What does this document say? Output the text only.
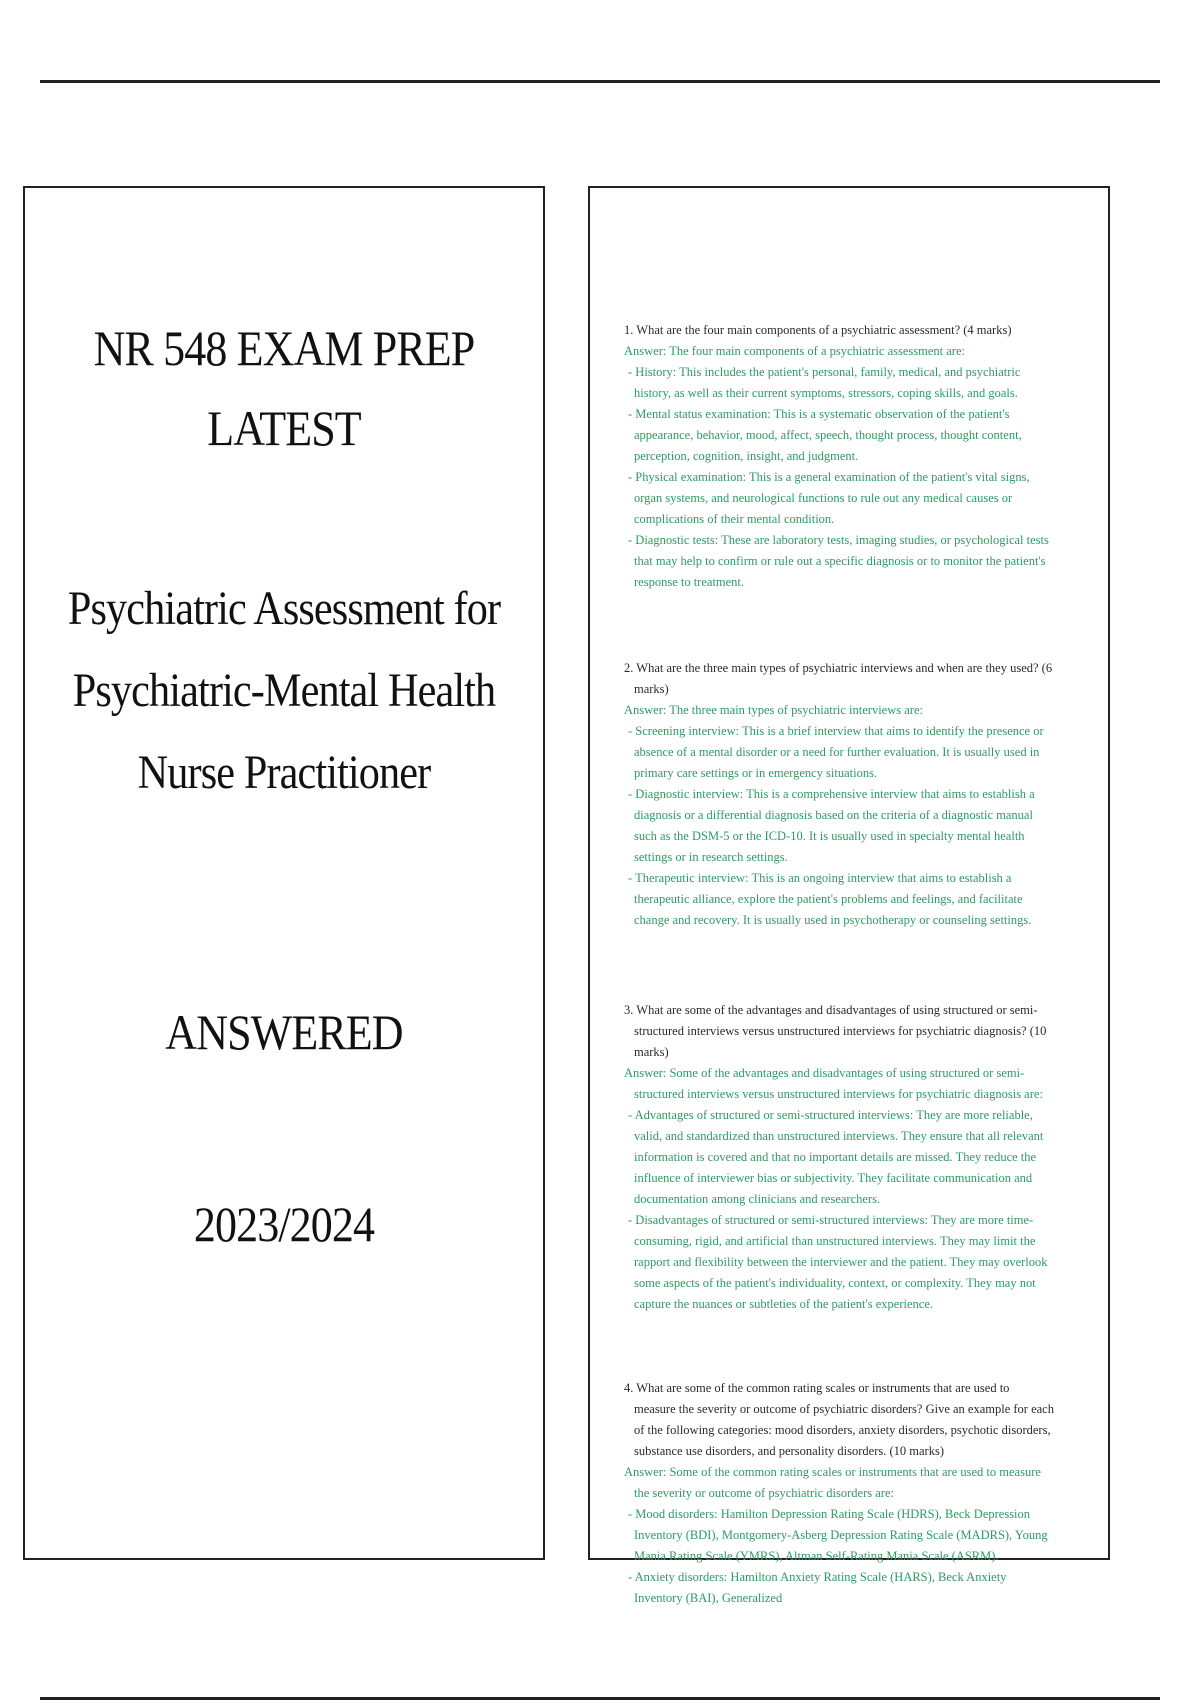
NR 548 EXAM PREP
LATEST
Psychiatric Assessment for
Psychiatric-Mental Health
Nurse Practitioner
ANSWERED
2023/2024
1. What are the four main components of a psychiatric assessment? (4 marks)
Answer: The four main components of a psychiatric assessment are:
- History: This includes the patient's personal, family, medical, and psychiatric history, as well as their current symptoms, stressors, coping skills, and goals.
- Mental status examination: This is a systematic observation of the patient's appearance, behavior, mood, affect, speech, thought process, thought content, perception, cognition, insight, and judgment.
- Physical examination: This is a general examination of the patient's vital signs, organ systems, and neurological functions to rule out any medical causes or complications of their mental condition.
- Diagnostic tests: These are laboratory tests, imaging studies, or psychological tests that may help to confirm or rule out a specific diagnosis or to monitor the patient's response to treatment.
2. What are the three main types of psychiatric interviews and when are they used? (6 marks)
Answer: The three main types of psychiatric interviews are:
- Screening interview: This is a brief interview that aims to identify the presence or absence of a mental disorder or a need for further evaluation. It is usually used in primary care settings or in emergency situations.
- Diagnostic interview: This is a comprehensive interview that aims to establish a diagnosis or a differential diagnosis based on the criteria of a diagnostic manual such as the DSM-5 or the ICD-10. It is usually used in specialty mental health settings or in research settings.
- Therapeutic interview: This is an ongoing interview that aims to establish a therapeutic alliance, explore the patient's problems and feelings, and facilitate change and recovery. It is usually used in psychotherapy or counseling settings.
3. What are some of the advantages and disadvantages of using structured or semi-structured interviews versus unstructured interviews for psychiatric diagnosis? (10 marks)
Answer: Some of the advantages and disadvantages of using structured or semi-structured interviews versus unstructured interviews for psychiatric diagnosis are:
- Advantages of structured or semi-structured interviews: They are more reliable, valid, and standardized than unstructured interviews. They ensure that all relevant information is covered and that no important details are missed. They reduce the influence of interviewer bias or subjectivity. They facilitate communication and documentation among clinicians and researchers.
- Disadvantages of structured or semi-structured interviews: They are more time-consuming, rigid, and artificial than unstructured interviews. They may limit the rapport and flexibility between the interviewer and the patient. They may overlook some aspects of the patient's individuality, context, or complexity. They may not capture the nuances or subtleties of the patient's experience.
4. What are some of the common rating scales or instruments that are used to measure the severity or outcome of psychiatric disorders? Give an example for each of the following categories: mood disorders, anxiety disorders, psychotic disorders, substance use disorders, and personality disorders. (10 marks)
Answer: Some of the common rating scales or instruments that are used to measure the severity or outcome of psychiatric disorders are:
- Mood disorders: Hamilton Depression Rating Scale (HDRS), Beck Depression Inventory (BDI), Montgomery-Asberg Depression Rating Scale (MADRS), Young Mania Rating Scale (YMRS), Altman Self-Rating Mania Scale (ASRM).
- Anxiety disorders: Hamilton Anxiety Rating Scale (HARS), Beck Anxiety Inventory (BAI), Generalized
